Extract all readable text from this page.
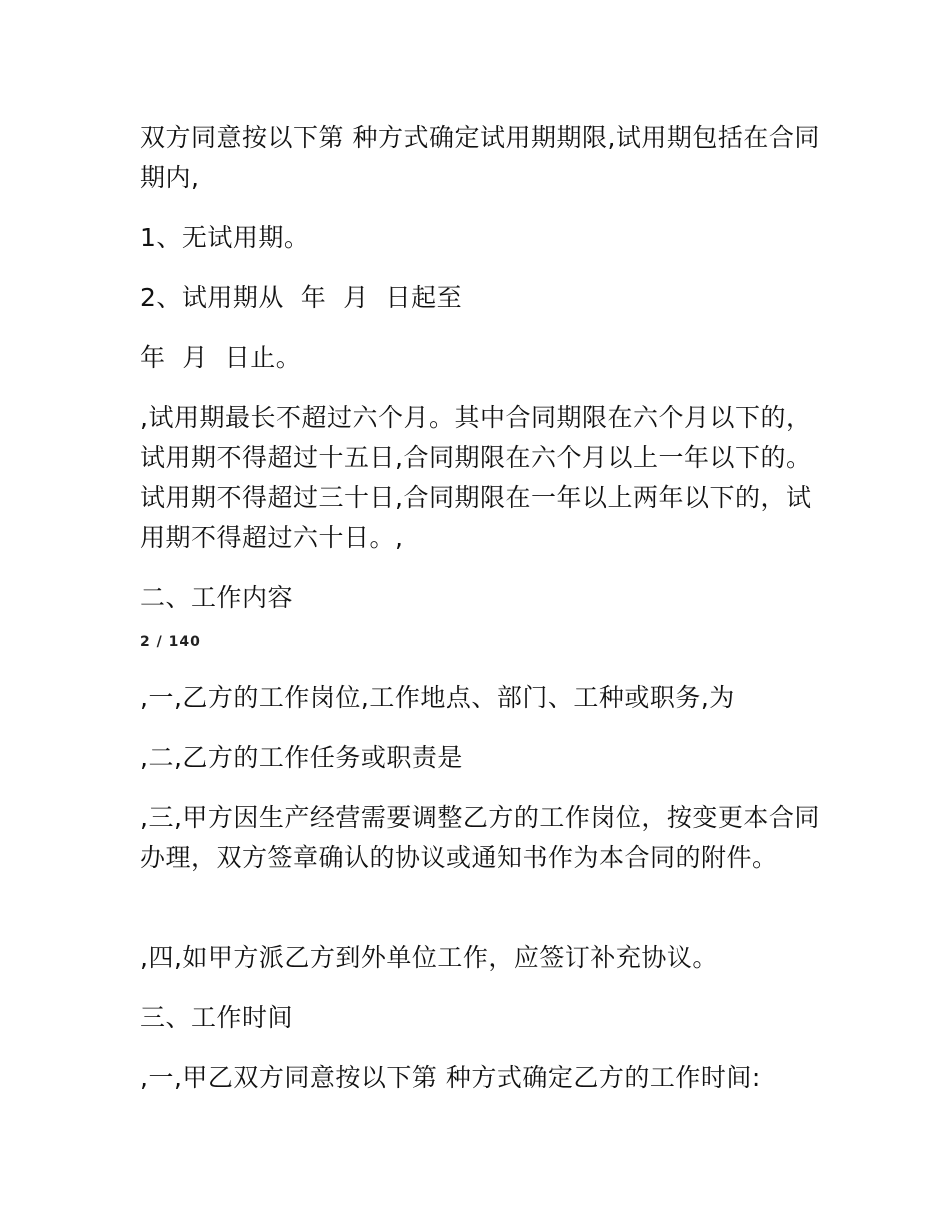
双方同意按以下第 种方式确定试用期期限,试用期包括在合同期内,

1、无试用期。

2、试用期从  年  月  日起至

年  月  日止。

,试用期最长不超过六个月。其中合同期限在六个月以下的，试用期不得超过十五日,合同期限在六个月以上一年以下的。试用期不得超过三十日,合同期限在一年以上两年以下的，试用期不得超过六十日。,

二、工作内容

2 / 140

,一,乙方的工作岗位,工作地点、部门、工种或职务,为

,二,乙方的工作任务或职责是

,三,甲方因生产经营需要调整乙方的工作岗位，按变更本合同办理，双方签章确认的协议或通知书作为本合同的附件。

,四,如甲方派乙方到外单位工作，应签订补充协议。

三、工作时间

,一,甲乙双方同意按以下第 种方式确定乙方的工作时间:
